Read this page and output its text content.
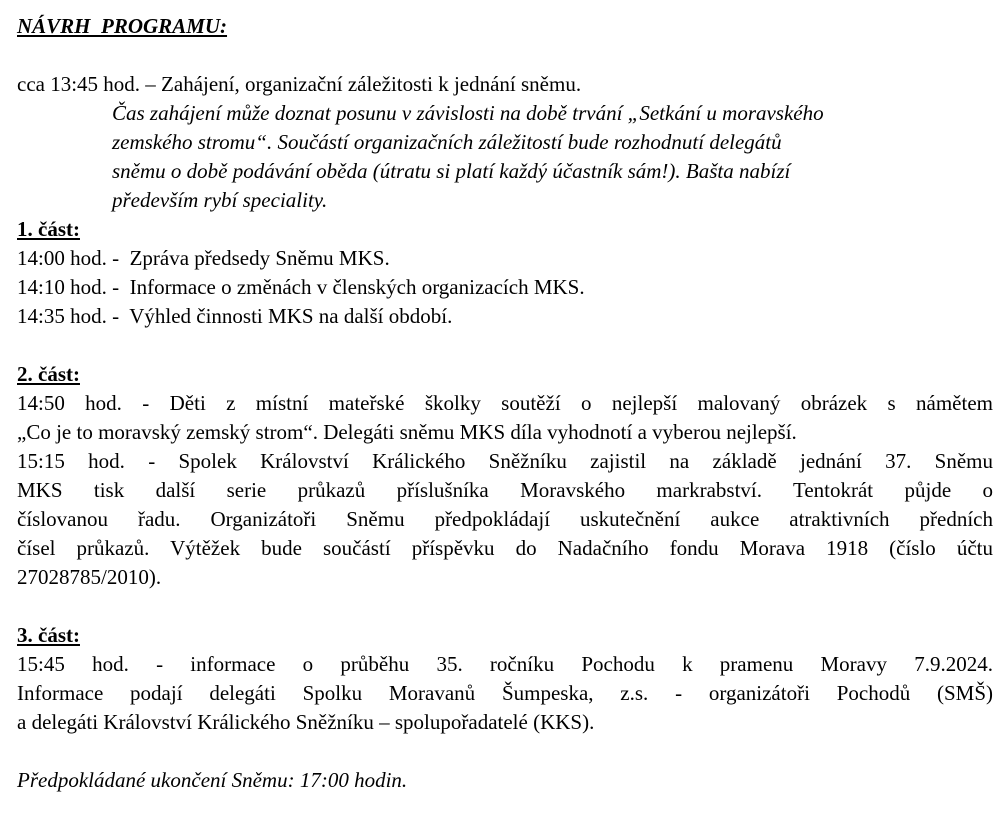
NÁVRH  PROGRAMU:
cca 13:45 hod. – Zahájení, organizační záležitosti k jednání sněmu.
Čas zahájení může doznat posunu v závislosti na době trvání „Setkání u moravského
zemského stromu“. Součástí organizačních záležitostí bude rozhodnutí delegátů
sněmu o době podávání oběda (útratu si platí každý účastník sám!). Bašta nabízí
především rybí speciality.
1. část:
14:00 hod. -  Zpráva předsedy Sněmu MKS.
14:10 hod. -  Informace o změnách v členských organizacích MKS.
14:35 hod. -  Výhled činnosti MKS na další období.
2. část:
14:50 hod. - Děti z místní mateřské školky soutěží o nejlepší malovaný obrázek s námětem
„Co je to moravský zemský strom“. Delegáti sněmu MKS díla vyhodnotí a vyberou nejlepší.
15:15 hod. - Spolek Království Králického Sněžníku zajistil na základě jednání 37. Sněmu
MKS tisk další serie průkazů příslušníka Moravského markrabství. Tentokrát půjde o
číslovanou řadu. Organizátoři Sněmu předpokládají uskutečnění aukce atraktivních předních
čísel průkazů. Výtěžek bude součástí příspěvku do Nadačního fondu Morava 1918 (číslo účtu
27028785/2010).
3. část:
15:45 hod. - informace o průběhu 35. ročníku Pochodu k pramenu Moravy 7.9.2024.
Informace podají delegáti Spolku Moravanů Šumpeska, z.s. - organizátoři Pochodů (SMŠ)
a delegáti Království Králického Sněžníku – spolupořadatelé (KKS).
Předpokládané ukončení Sněmu: 17:00 hodin.
